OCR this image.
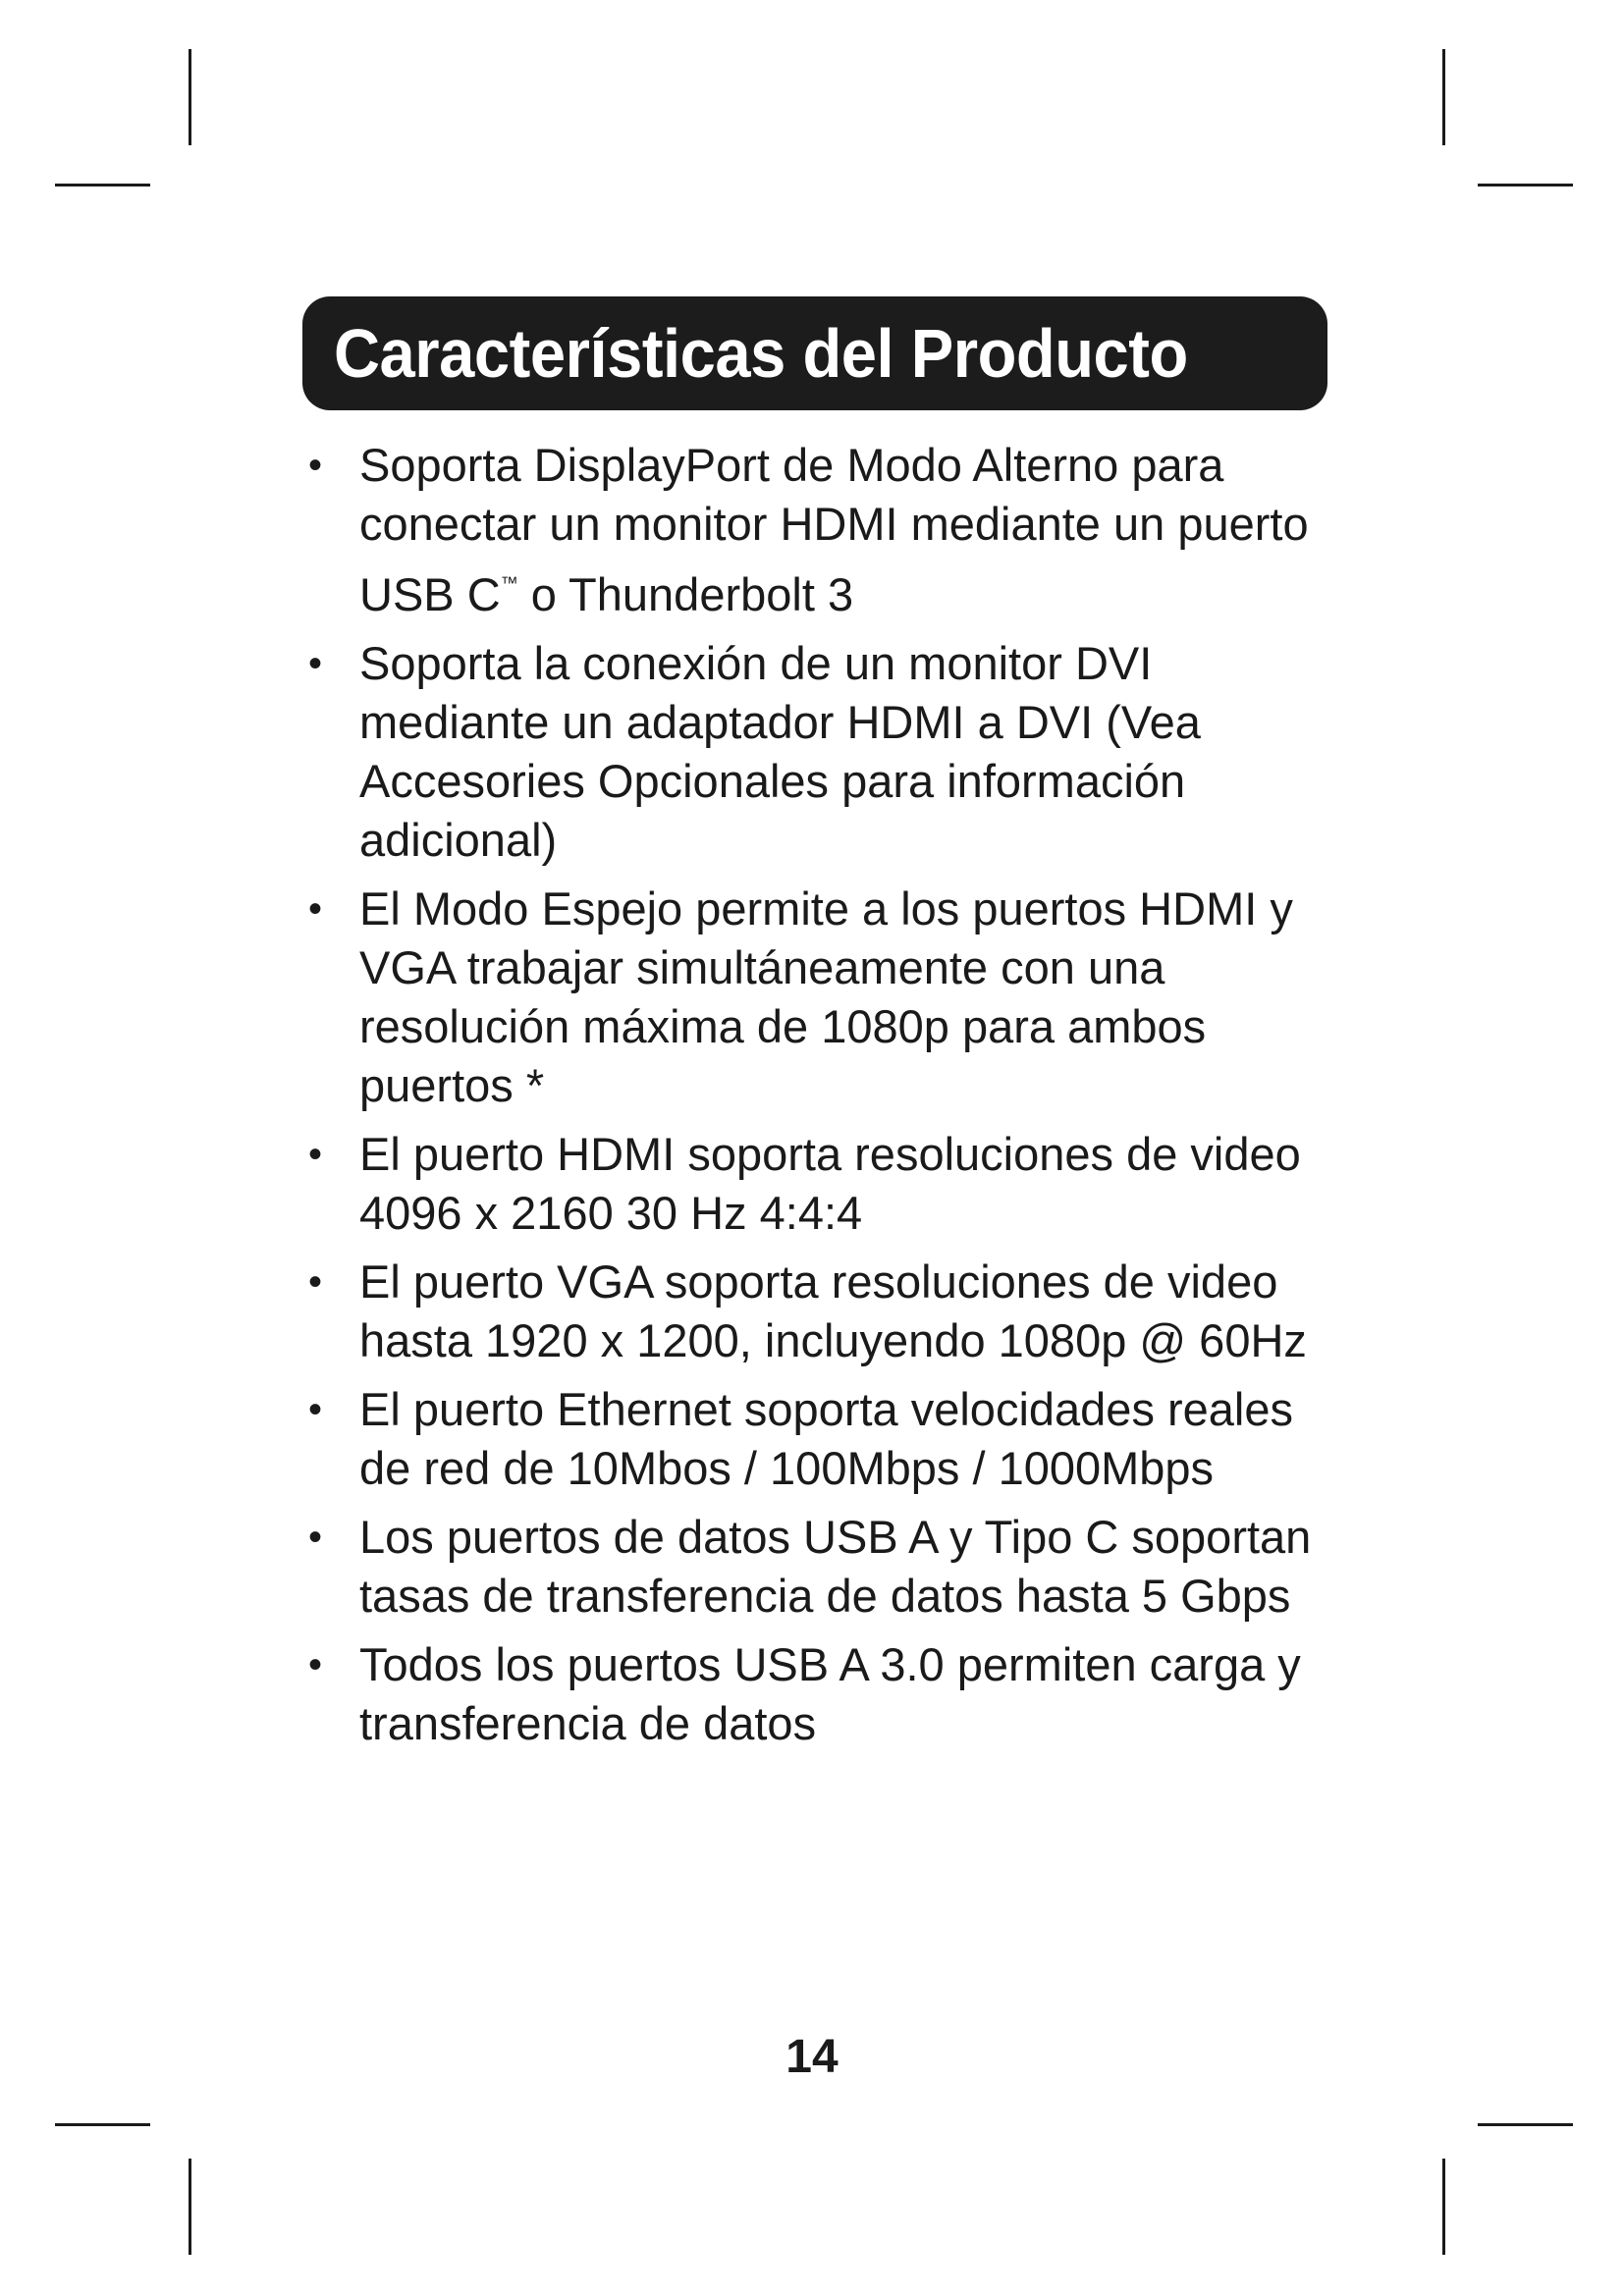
Características del Producto
• Soporta DisplayPort de Modo Alterno para conectar un monitor HDMI mediante un puerto USB C™ o Thunderbolt 3
• Soporta la conexión de un monitor DVI mediante un adaptador HDMI a DVI (Vea Accesories Opcionales para información adicional)
• El Modo Espejo permite a los puertos HDMI y VGA trabajar simultáneamente con una resolución máxima de 1080p para ambos puertos *
• El puerto HDMI soporta resoluciones de video 4096 x 2160 30 Hz 4:4:4
• El puerto VGA soporta resoluciones de video hasta 1920 x 1200, incluyendo 1080p @ 60Hz
• El puerto Ethernet soporta velocidades reales de red de 10Mbos / 100Mbps / 1000Mbps
• Los puertos de datos USB A y Tipo C soportan tasas de transferencia de datos hasta 5 Gbps
• Todos los puertos USB A 3.0 permiten carga y transferencia de datos
14
